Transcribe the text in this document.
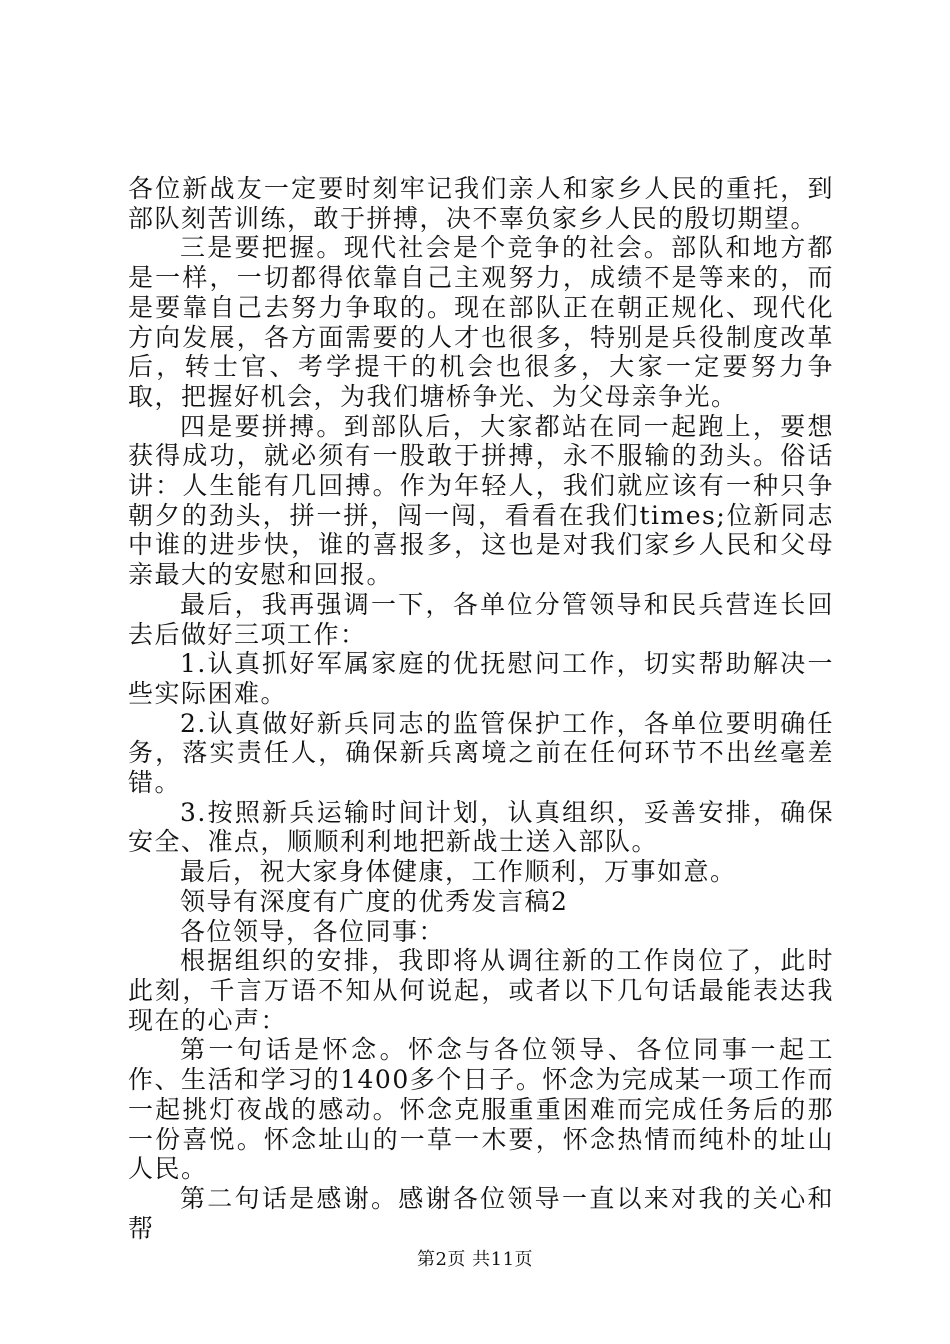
各位新战友一定要时刻牢记我们亲人和家乡人民的重托，到部队刻苦训练，敢于拼搏，决不辜负家乡人民的殷切期望。

三是要把握。现代社会是个竞争的社会。部队和地方都是一样，一切都得依靠自己主观努力，成绩不是等来的，而是要靠自己去努力争取的。现在部队正在朝正规化、现代化方向发展，各方面需要的人才也很多，特别是兵役制度改革后，转士官、考学提干的机会也很多，大家一定要努力争取，把握好机会，为我们塘桥争光、为父母亲争光。

四是要拼搏。到部队后，大家都站在同一起跑上，要想获得成功，就必须有一股敢于拼搏，永不服输的劲头。俗话讲：人生能有几回搏。作为年轻人，我们就应该有一种只争朝夕的劲头，拼一拼，闯一闯，看看在我们times;位新同志中谁的进步快，谁的喜报多，这也是对我们家乡人民和父母亲最大的安慰和回报。

最后，我再强调一下，各单位分管领导和民兵营连长回去后做好三项工作：

1.认真抓好军属家庭的优抚慰问工作，切实帮助解决一些实际困难。

2.认真做好新兵同志的监管保护工作，各单位要明确任务，落实责任人，确保新兵离境之前在任何环节不出丝毫差错。

3.按照新兵运输时间计划，认真组织，妥善安排，确保安全、准点，顺顺利利地把新战士送入部队。

最后，祝大家身体健康，工作顺利，万事如意。

领导有深度有广度的优秀发言稿2

各位领导，各位同事：

根据组织的安排，我即将从调往新的工作岗位了，此时此刻，千言万语不知从何说起，或者以下几句话最能表达我现在的心声：

第一句话是怀念。怀念与各位领导、各位同事一起工作、生活和学习的1400多个日子。怀念为完成某一项工作而一起挑灯夜战的感动。怀念克服重重困难而完成任务后的那一份喜悦。怀念址山的一草一木要，怀念热情而纯朴的址山人民。

第二句话是感谢。感谢各位领导一直以来对我的关心和帮

第2页 共11页
